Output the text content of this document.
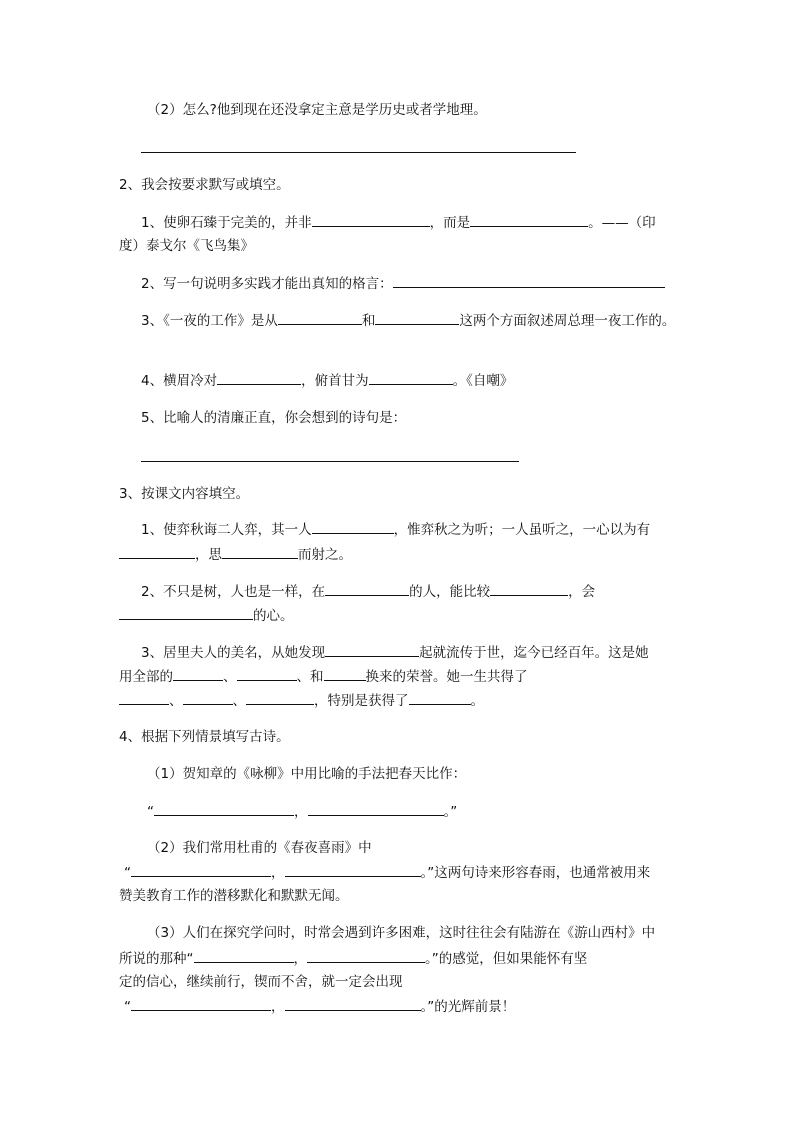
（2）怎么?他到现在还没拿定主意是学历史或者学地理。
2、我会按要求默写或填空。
1、使卵石臻于完美的，并非	，而是	。——（印
度）泰戈尔《飞鸟集》
2、写一句说明多实践才能出真知的格言：
3、《一夜的工作》是从	和	这两个方面叙述周总理一夜工作的。
4、横眉冷对	，俯首甘为	。《自嘲》
5、比喻人的清廉正直，你会想到的诗句是：
3、按课文内容填空。
1、使弈秋诲二人弈，其一人	，惟弈秋之为听；一人虽听之，一心以为有
，思	而射之。
2、不只是树，人也是一样，在	的人，能比较	，会
的心。
3、居里夫人的美名，从她发现	起就流传于世，迄今已经百年。这是她
用全部的	、	、和	换来的荣誉。她一生共得了
、	、	，特别是获得了	。
4、根据下列情景填写古诗。
（1）贺知章的《咏柳》中用比喻的手法把春天比作：
“	，	。”
（2）我们常用杜甫的《春夜喜雨》中
“	，	。”这两句诗来形容春雨，也通常被用来
赞美教育工作的潜移默化和默默无闻。
（3）人们在探究学问时，时常会遇到许多困难，这时往往会有陆游在《游山西村》中
所说的那种“	，	。”的感觉，但如果能怀有坚
定的信心，继续前行，锲而不舍，就一定会出现
“	，	。”的光辉前景！
